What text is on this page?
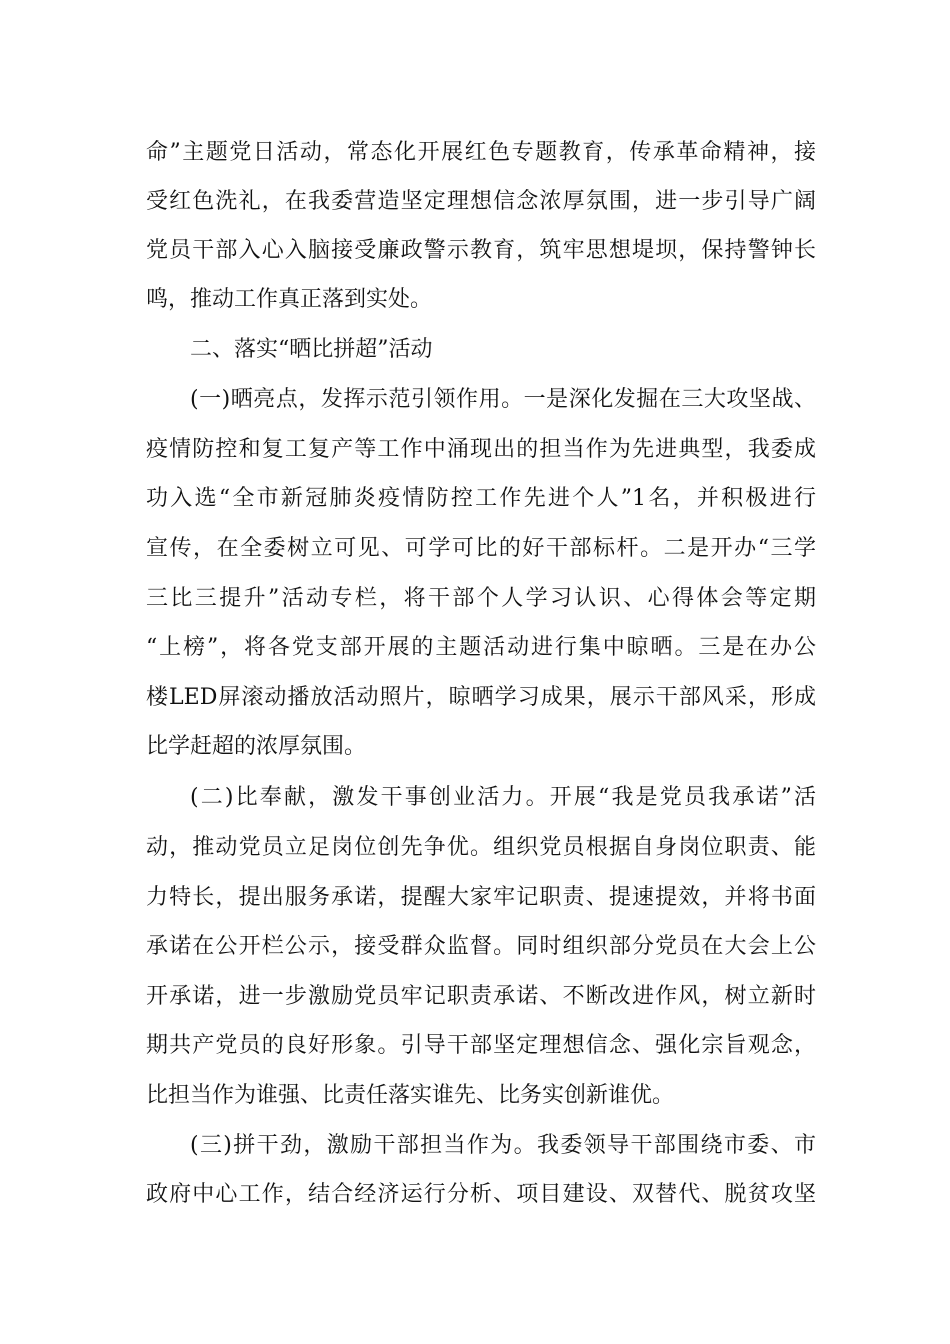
命”主题党日活动，常态化开展红色专题教育，传承革命精神，接
受红色洗礼，在我委营造坚定理想信念浓厚氛围，进一步引导广阔
党员干部入心入脑接受廉政警示教育，筑牢思想堤坝，保持警钟长
鸣，推动工作真正落到实处。
二、落实“晒比拼超”活动
(一)晒亮点，发挥示范引领作用。一是深化发掘在三大攻坚战、
疫情防控和复工复产等工作中涌现出的担当作为先进典型，我委成
功入选“全市新冠肺炎疫情防控工作先进个人”1名，并积极进行
宣传，在全委树立可见、可学可比的好干部标杆。二是开办“三学
三比三提升”活动专栏，将干部个人学习认识、心得体会等定期
“上榜”，将各党支部开展的主题活动进行集中晾晒。三是在办公
楼LED屏滚动播放活动照片，晾晒学习成果，展示干部风采，形成
比学赶超的浓厚氛围。
(二)比奉献，激发干事创业活力。开展“我是党员我承诺”活
动，推动党员立足岗位创先争优。组织党员根据自身岗位职责、能
力特长，提出服务承诺，提醒大家牢记职责、提速提效，并将书面
承诺在公开栏公示，接受群众监督。同时组织部分党员在大会上公
开承诺，进一步激励党员牢记职责承诺、不断改进作风，树立新时
期共产党员的良好形象。引导干部坚定理想信念、强化宗旨观念，
比担当作为谁强、比责任落实谁先、比务实创新谁优。
(三)拼干劲，激励干部担当作为。我委领导干部围绕市委、市
政府中心工作，结合经济运行分析、项目建设、双替代、脱贫攻坚
